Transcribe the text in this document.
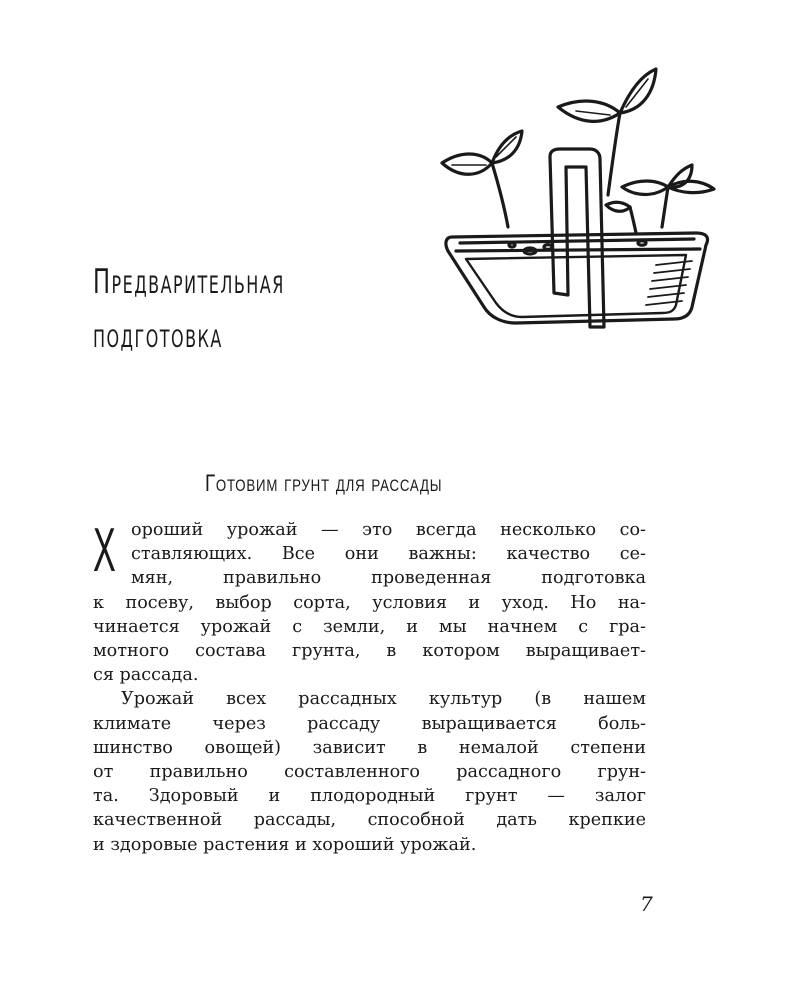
Предварительная
подготовка
Готовим грунт для рассады
Х ороший урожай — это всегда несколько со-
ставляющих. Все они важны: качество се-
мян, правильно проведенная подготовка
к посеву, выбор сорта, условия и уход. Но на-
чинается урожай с земли, и мы начнем с гра-
мотного состава грунта, в котором выращивает-
ся рассада.

Урожай всех рассадных культур (в нашем
климате через рассаду выращивается боль-
шинство овощей) зависит в немалой степени
от правильно составленного рассадного грун-
та. Здоровый и плодородный грунт — залог
качественной рассады, способной дать крепкие
и здоровые растения и хороший урожай.

7
